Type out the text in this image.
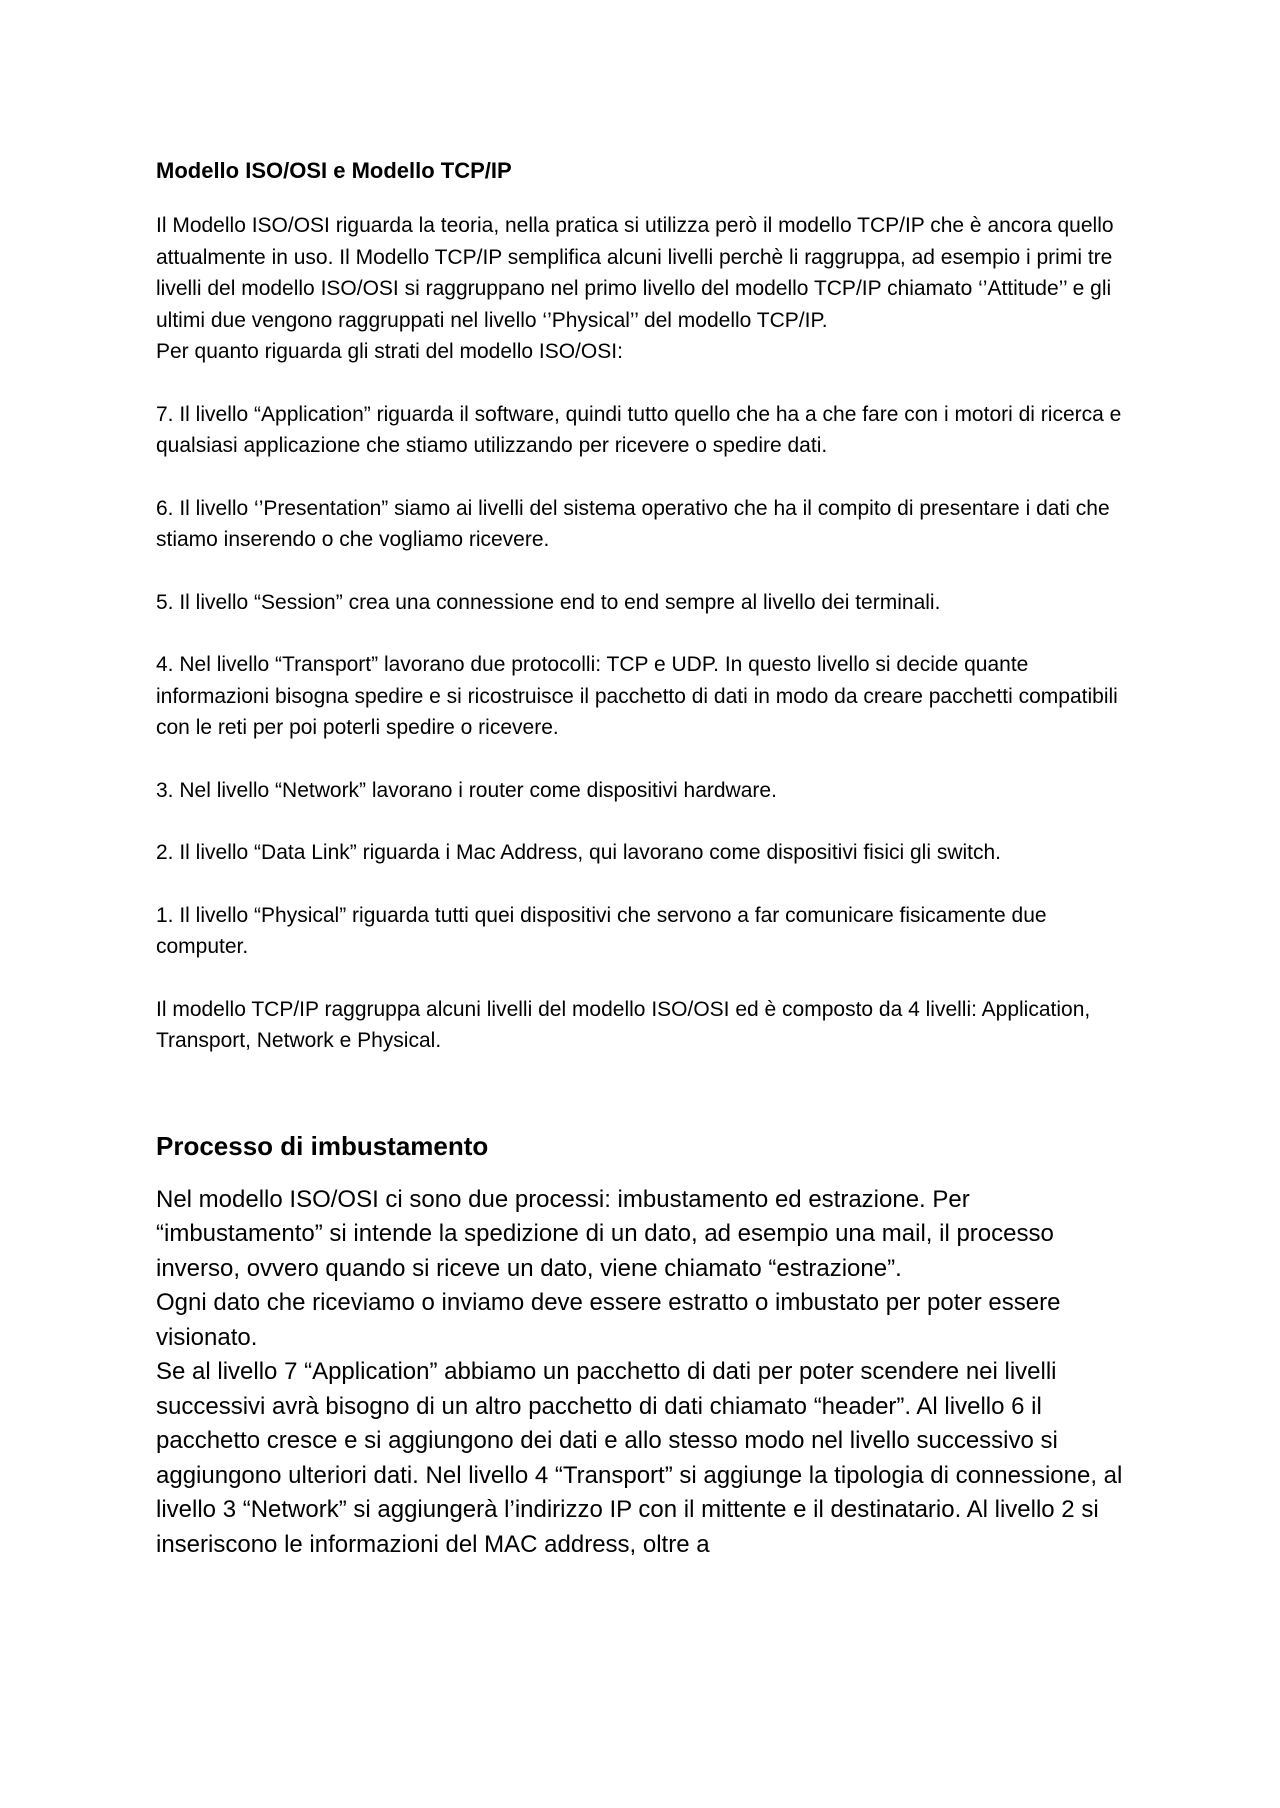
Modello ISO/OSI e Modello TCP/IP

Il Modello ISO/OSI riguarda la teoria, nella pratica si utilizza però il modello TCP/IP che è ancora quello attualmente in uso. Il Modello TCP/IP semplifica alcuni livelli perchè li raggruppa, ad esempio i primi tre livelli del modello ISO/OSI si raggruppano nel primo livello del modello TCP/IP chiamato ‘’Attitude’’ e gli ultimi due vengono raggruppati nel livello ‘’Physical’’ del modello TCP/IP.

Per quanto riguarda gli strati del modello ISO/OSI:

7. Il livello “Application” riguarda il software, quindi tutto quello che ha a che fare con i motori di ricerca e qualsiasi applicazione che stiamo utilizzando per ricevere o spedire dati.

6. Il livello ‘’Presentation” siamo ai livelli del sistema operativo che ha il compito di presentare i dati che stiamo inserendo o che vogliamo ricevere.

5. Il livello “Session” crea una connessione end to end sempre al livello dei terminali.

4. Nel livello “Transport” lavorano due protocolli: TCP e UDP. In questo livello si decide quante informazioni bisogna spedire e si ricostruisce il pacchetto di dati in modo da creare pacchetti compatibili con le reti per poi poterli spedire o ricevere.

3. Nel livello “Network” lavorano i router come dispositivi hardware.

2. Il livello “Data Link” riguarda i Mac Address, qui lavorano come dispositivi fisici gli switch.

1. Il livello “Physical” riguarda tutti quei dispositivi che servono a far comunicare fisicamente due computer.

Il modello TCP/IP raggruppa alcuni livelli del modello ISO/OSI ed è composto da 4 livelli: Application, Transport, Network e Physical.

Processo di imbustamento

Nel modello ISO/OSI ci sono due processi: imbustamento ed estrazione. Per “imbustamento” si intende la spedizione di un dato, ad esempio una mail, il processo inverso, ovvero quando si riceve un dato, viene chiamato “estrazione”.

Ogni dato che riceviamo o inviamo deve essere estratto o imbustato per poter essere visionato.

Se al livello 7 “Application” abbiamo un pacchetto di dati per poter scendere nei livelli successivi avrà bisogno di un altro pacchetto di dati chiamato “header”. Al livello 6 il pacchetto cresce e si aggiungono dei dati e allo stesso modo nel livello successivo si aggiungono ulteriori dati. Nel livello 4 “Transport” si aggiunge la tipologia di connessione, al livello 3 “Network” si aggiungerà l’indirizzo IP con il mittente e il destinatario. Al livello 2 si inseriscono le informazioni del MAC address, oltre a
